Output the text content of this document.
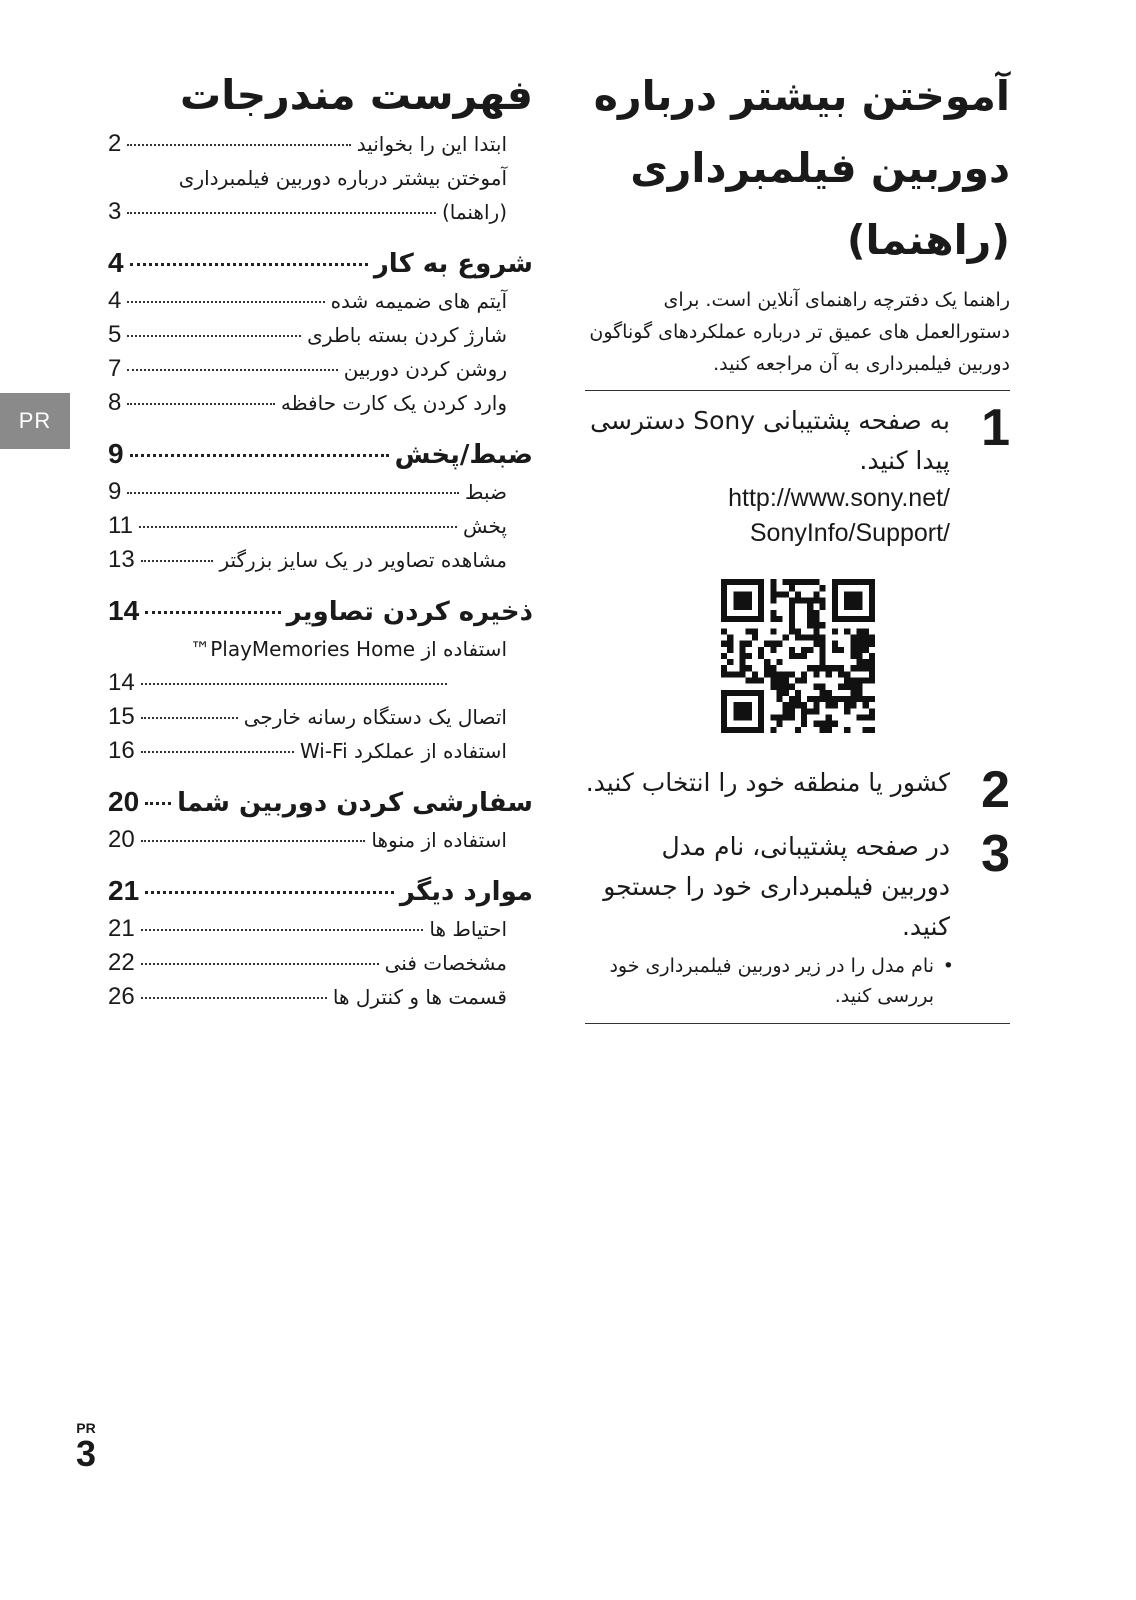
PR
آموختن بیشتر درباره
دوربین فیلمبرداری
(راهنما)
راهنما یک دفترچه راهنمای آنلاین است. برای دستورالعمل های عمیق تر درباره عملکردهای گوناگون دوربین فیلمبرداری به آن مراجعه کنید.
1
به صفحه پشتیبانی Sony دسترسی پیدا کنید.
http://www.sony.net/
SonyInfo/Support/
2
کشور یا منطقه خود را انتخاب کنید.
3
در صفحه پشتیبانی، نام مدل دوربین فیلمبرداری خود را جستجو کنید.
•
نام مدل را در زیر دوربین فیلمبرداری خود بررسی کنید.
فهرست مندرجات
ابتدا این را بخوانید
2
آموختن بیشتر درباره دوربین فیلمبرداری
(راهنما)
3
شروع به کار
4
آیتم های ضمیمه شده
4
شارژ کردن بسته باطری
5
روشن کردن دوربین
7
وارد کردن یک کارت حافظه
8
ضبط/پخش
9
ضبط
9
پخش
11
مشاهده تصاویر در یک سایز بزرگتر
13
ذخیره کردن تصاویر
14
استفاده از PlayMemories Home™
14
اتصال یک دستگاه رسانه خارجی
15
استفاده از عملکرد Wi-Fi
16
سفارشی کردن دوربین شما
20
استفاده از منوها
20
موارد دیگر
21
احتیاط ها
21
مشخصات فنی
22
قسمت ها و کنترل ها
26
PR
3
